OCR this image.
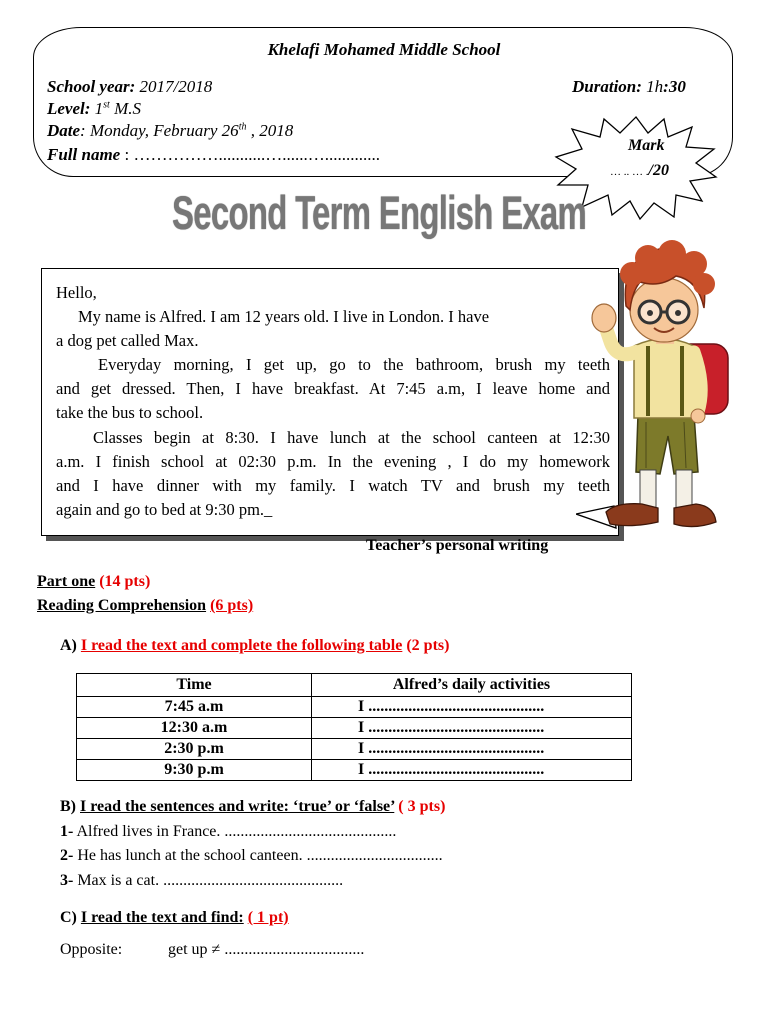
Khelafi Mohamed Middle School
School year: 2017/2018	Duration: 1h:30
Level: 1st M.S
Date: Monday, February 26th , 2018
Full name : ……………...........…......….............	Mark
… .. … ./20
Second Term English Exam
Hello,
My name is Alfred. I am 12 years old. I live in London. I have
a dog pet called Max.
Everyday morning, I get up, go to the bathroom, brush my teeth
and get dressed. Then, I have breakfast. At 7:45 a.m, I leave home and
take the bus to school.
Classes begin at 8:30. I have lunch at the school canteen at 12:30
a.m. I finish school at 02:30 p.m. In the evening , I do my homework
and I have dinner with my family. I watch TV and brush my teeth
again and go to bed at 9:30 pm._
Teacher’s personal writing
Part one (14 pts)
Reading Comprehension (6 pts)
A) I read the text and complete the following table (2 pts)
Time	Alfred’s daily activities
7:45 a.m	I ............................................
12:30 a.m	I ............................................
2:30 p.m	I ............................................
9:30 p.m	I ............................................
B) I read the sentences and write: ‘true’ or ‘false’ ( 3 pts)
1- Alfred lives in France. ...........................................
2- He has lunch at the school canteen. ..................................
3- Max is a cat. .............................................
C) I read the text and find: ( 1 pt)
Opposite:	get up ≠ ...................................
